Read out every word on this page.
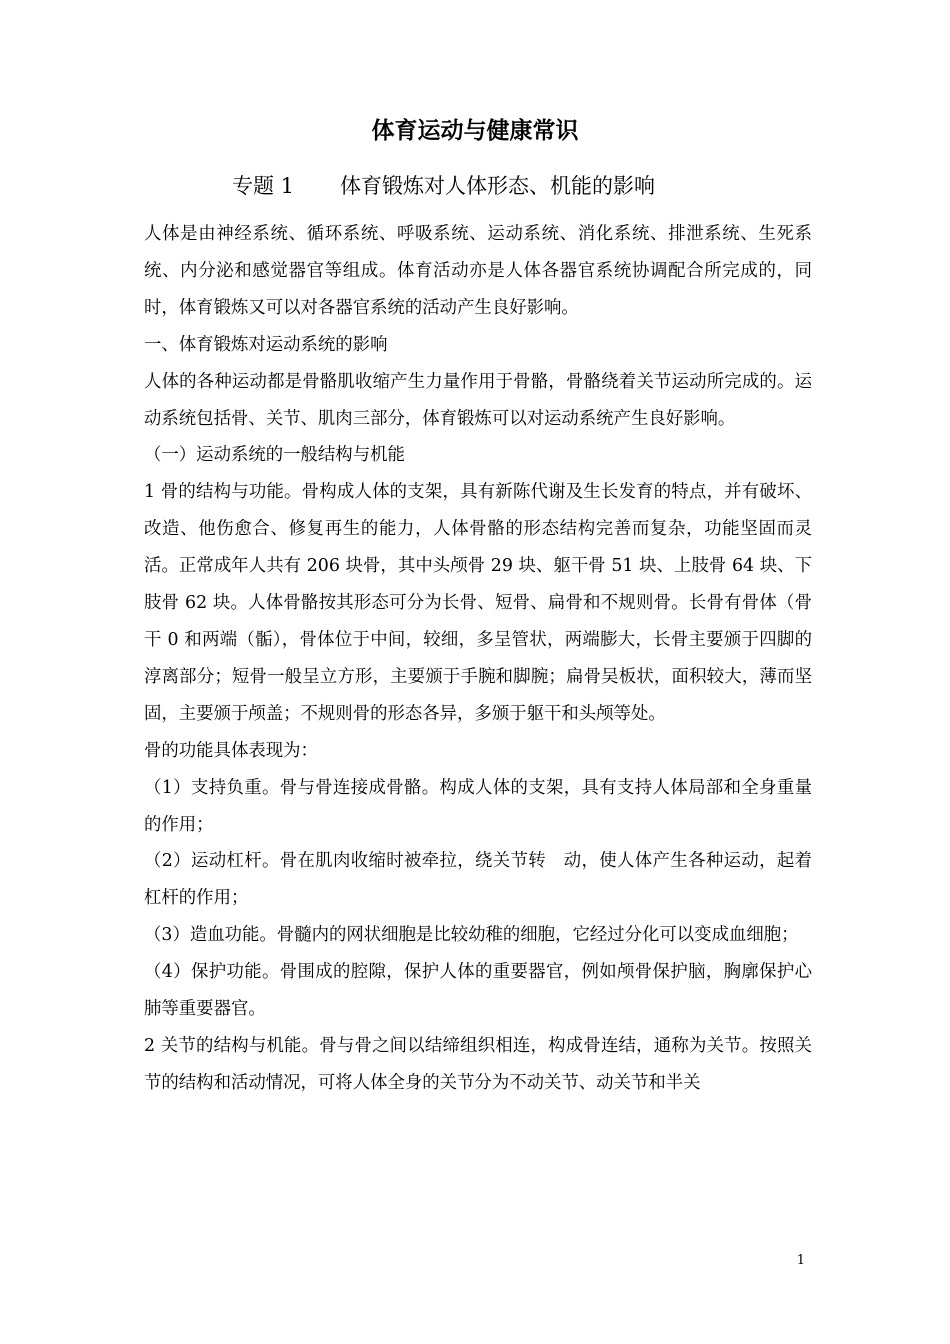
体育运动与健康常识
专题 1 体育锻炼对人体形态、机能的影响

人体是由神经系统、循环系统、呼吸系统、运动系统、消化系统、排泄系统、生死系统、内分泌和感觉器官等组成。体育活动亦是人体各器官系统协调配合所完成的，同时，体育锻炼又可以对各器官系统的活动产生良好影响。

一、体育锻炼对运动系统的影响

人体的各种运动都是骨骼肌收缩产生力量作用于骨骼，骨骼绕着关节运动所完成的。运动系统包括骨、关节、肌肉三部分，体育锻炼可以对运动系统产生良好影响。

（一）运动系统的一般结构与机能

1 骨的结构与功能。骨构成人体的支架，具有新陈代谢及生长发育的特点，并有破坏、改造、他伤愈合、修复再生的能力，人体骨骼的形态结构完善而复杂，功能坚固而灵活。正常成年人共有 206 块骨，其中头颅骨 29 块、躯干骨 51 块、上肢骨 64 块、下肢骨 62 块。人体骨骼按其形态可分为长骨、短骨、扁骨和不规则骨。长骨有骨体（骨干 0 和两端（骺），骨体位于中间，较细，多呈管状，两端膨大，长骨主要颁于四脚的淳离部分；短骨一般呈立方形，主要颁于手腕和脚腕；扁骨吴板状，面积较大，薄而坚固，主要颁于颅盖；不规则骨的形态各异，多颁于躯干和头颅等处。

骨的功能具体表现为：

（1）支持负重。骨与骨连接成骨骼。构成人体的支架，具有支持人体局部和全身重量的作用；

（2）运动杠杆。骨在肌肉收缩时被牵拉，绕关节转　动，使人体产生各种运动，起着杠杆的作用；

（3）造血功能。骨髓内的网状细胞是比较幼稚的细胞，它经过分化可以变成血细胞；

（4）保护功能。骨围成的腔隙，保护人体的重要器官，例如颅骨保护脑，胸廓保护心肺等重要器官。

2 关节的结构与机能。骨与骨之间以结缔组织相连，构成骨连结，通称为关节。按照关节的结构和活动情况，可将人体全身的关节分为不动关节、动关节和半关

1
